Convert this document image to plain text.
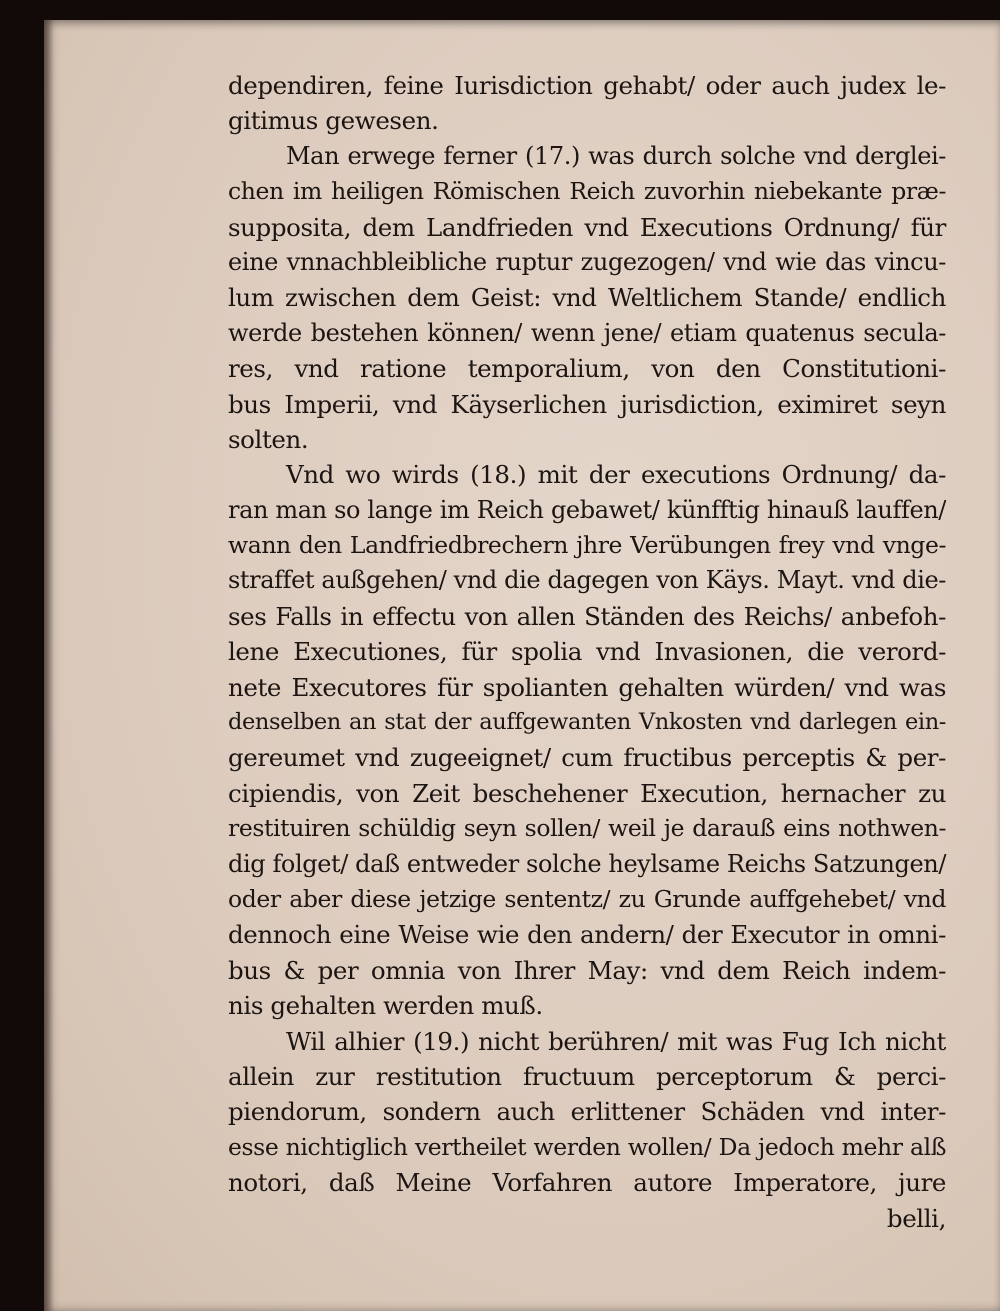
dependiren, feine Iurisdiction gehabt/ oder auch judex le-
gitimus gewesen.
Man erwege ferner (17.) was durch solche vnd derglei-
chen im heiligen Römischen Reich zuvorhin niebekante præ-
supposita, dem Landfrieden vnd Executions Ordnung/ für
eine vnnachbleibliche ruptur zugezogen/ vnd wie das vincu-
lum zwischen dem Geist: vnd Weltlichem Stande/ endlich
werde bestehen können/ wenn jene/ etiam quatenus secula-
res, vnd ratione temporalium, von den Constitutioni-
bus Imperii, vnd Käyserlichen jurisdiction, eximiret seyn
solten.
Vnd wo wirds (18.) mit der executions Ordnung/ da-
ran man so lange im Reich gebawet/ künfftig hinauß lauffen/
wann den Landfriedbrechern jhre Verübungen frey vnd vnge-
straffet außgehen/ vnd die dagegen von Käys. Mayt. vnd die-
ses Falls in effectu von allen Ständen des Reichs/ anbefoh-
lene Executiones, für spolia vnd Invasionen, die verord-
nete Executores für spolianten gehalten würden/ vnd was
denselben an stat der auffgewanten Vnkosten vnd darlegen ein-
gereumet vnd zugeeignet/ cum fructibus perceptis & per-
cipiendis, von Zeit beschehener Execution, hernacher zu
restituiren schüldig seyn sollen/ weil je darauß eins nothwen-
dig folget/ daß entweder solche heylsame Reichs Satzungen/
oder aber diese jetzige sententz/ zu Grunde auffgehebet/ vnd
dennoch eine Weise wie den andern/ der Executor in omni-
bus & per omnia von Ihrer May: vnd dem Reich indem-
nis gehalten werden muß.
Wil alhier (19.) nicht berühren/ mit was Fug Ich nicht
allein zur restitution fructuum perceptorum & perci-
piendorum, sondern auch erlittener Schäden vnd inter-
esse nichtiglich vertheilet werden wollen/ Da jedoch mehr alß
notori, daß Meine Vorfahren autore Imperatore, jure
belli,
